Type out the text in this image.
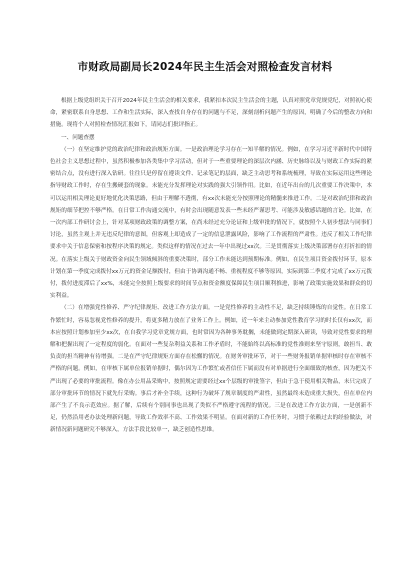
市财政局副局长2024年民主生活会对照检查发言材料

根据上级党组织关于召开2024年民主生活会的相关要求，我紧扣本次民主生活会的主题，认真对照党章党规党纪，对照初心使命，紧密联系自身思想、工作和生活实际，深入查找自身存在的问题与不足，深刻剖析问题产生的原因，明确了今后的整改方向和措施。现将个人对照检查情况汇报如下，请同志们批评指正。

一、问题查摆

（一）在坚定维护党的政治纪律和政治规矩方面。一是政治理论学习存在一知半解的情况。例如，在学习习近平新时代中国特色社会主义思想过程中，虽然积极参加各类集中学习活动，但对于一些重要理论的深层次内涵、历史脉络以及与财政工作实际的紧密结合点，没有进行深入钻研。往往只是停留在遵读文件、记录笔记的层面，缺乏主动思考和系统梳理，导致在实际运用这些理论指导财政工作时，存在生搬硬套的现象。未能充分发挥理论对实践的强大引领作用。比如，在近年出台的几次重要工作决策中，本可以运用相关理论更好地优化决策思路，但由于理解不透彻，有xx次未能充分按照理论的精髓来推进工作。二是对政治纪律和政治规矩的细节把控不够严格。在日常工作沟通交流中，有时会出现随意发表一些未经严谨思考、可能涉及敏感话题的言论。比如，在一次内部工作研讨会上，针对某项财政政策的调整方案，在尚未经过充分论证和上级审批的情况下，就按照个人初步想法与同事们讨论，虽然主观上并无违反纪律的意图，但客观上却造成了一定的信息泄露风险，影响了工作流程的严肃性。违反了相关工作纪律要求中关于信息保密和按程序决策的规定。类似这样的情况在过去一年中出现过xx次。三是贯彻落实上级决策部署存在打折扣的情况。在落实上级关于财政资金向民生领域倾斜的重要决策时，部分工作未能达到预期标准。例如，在民生项目资金拨付环节，原本计划在第一季度完成拨付xx万元的资金足额拨付，但由于协调沟通不畅、重视程度不够等原因，实际到第二季度才完成了xx万元拨付，拨付进度滞后了xx%，未能完全按照上级要求的时间节点和资金额度保障民生项目顺利推进，影响了政策实施效果和群众的切实利益。

（二）在增强党性修养、严守纪律规矩、改进工作方法方面。一是党性修养的主动性不足，缺乏持续锤炼的自觉性。在日常工作繁忙时，容易忽视党性修养的提升，将更多精力放在了业务工作上。例如，近一年来主动参加党性教育学习的时长仅有xx次，而本应按照计划参加至少xx次，在自我学习党章党规方面，也时常因为各种事务耽搁，未能做到定期深入研读，导致对党性要求的理解和把握出现了一定程度的弱化。在面对一些复杂利益关系和工作矛盾时，不能始终以高标准的党性准则来坚守原则，敢担当、敢负责的担当精神有待增强。二是在严守纪律规矩方面存在松懈的情况。在财务审批环节，对于一些财务报销单据审核时存在审核不严格的问题。例如，在审核下属单位报销单据时，偶尔因为工作繁忙或者信任下属而没有对单据进行全面细致的核查，因为把关不严出现了必要的审批流程。像在办公用品采购中，按照规定需要经过xx个层级的审批签字，但由于急于使用相关物品，未只完成了部分审批环节的情况下就先行采购。事后才补全手续，这种行为破坏了规章制度的严肃性，虽然最终未造成重大损失，但在单位内部产生了不良示范效应。据了解，后续有个别同事也出现了类似不严格遵守流程的情况。三是在改进工作方法方面，一是创新不足，仍然沿用老办法处理新问题，导致工作效率不高、工作效果不明显。在面对新的工作任务时，习惯于依赖过去的经验做法，对新情况新问题研究不够深入，方法手段比较单一，缺乏创造性思维。
